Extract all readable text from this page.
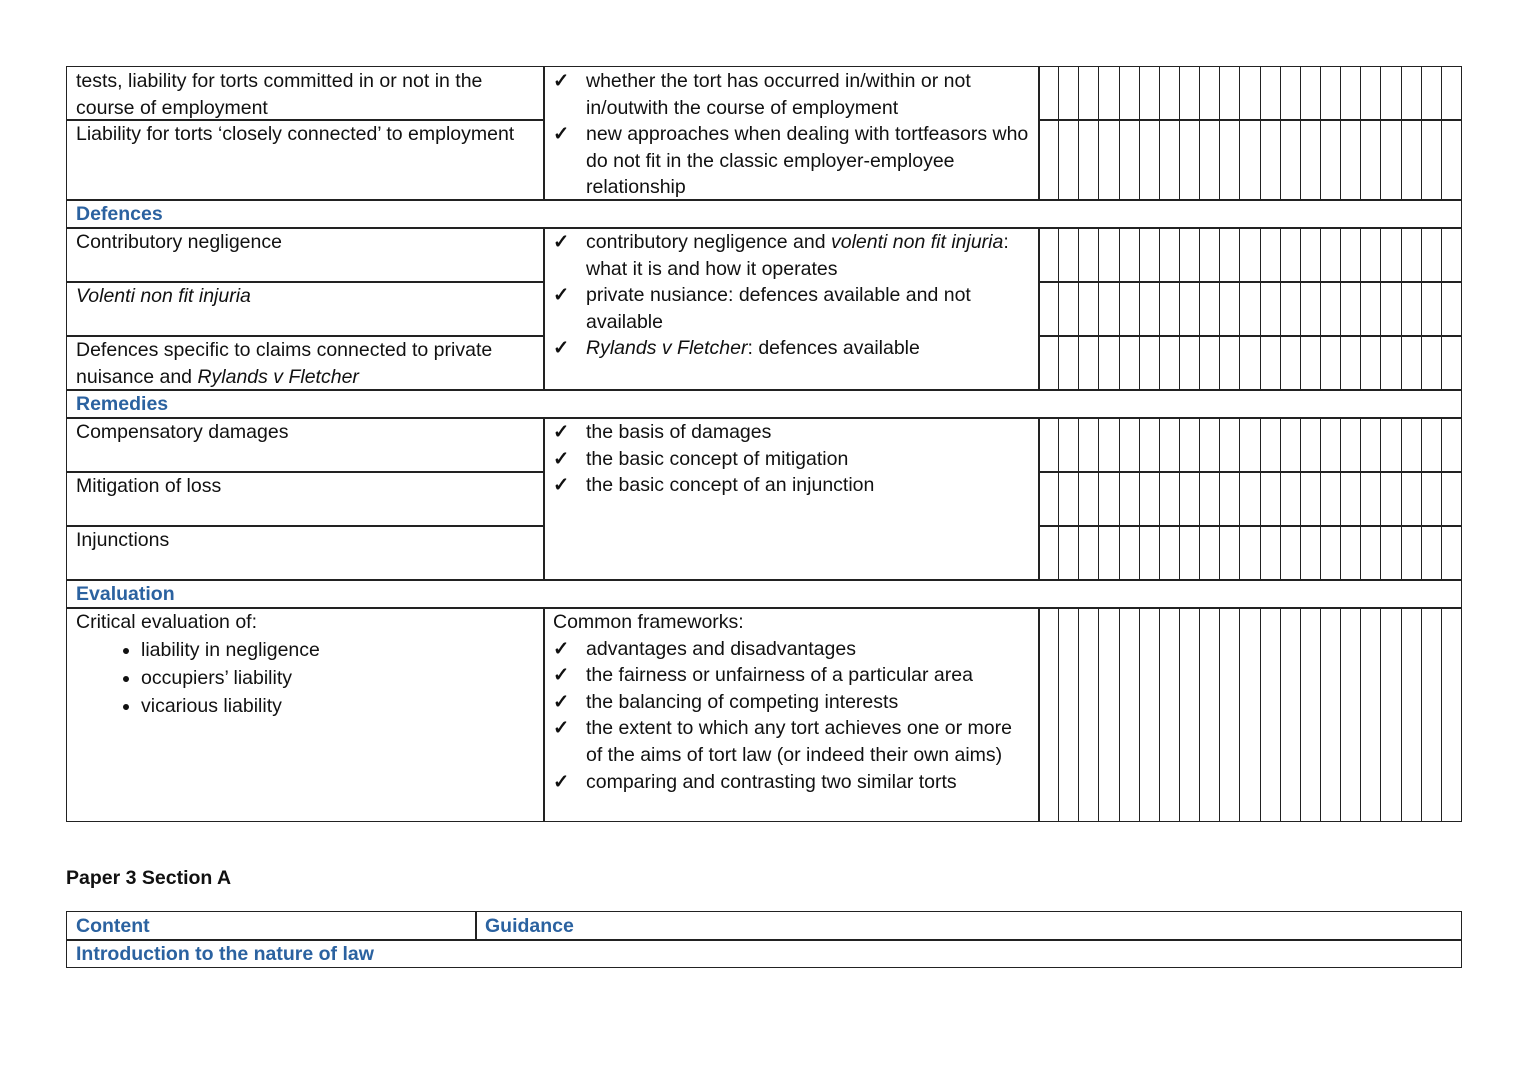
tests, liability for torts committed in or not in the course of employment
Liability for torts ‘closely connected’ to employment
✓ whether the tort has occurred in/within or not in/outwith the course of employment
✓ new approaches when dealing with tortfeasors who do not fit in the classic employer-employee relationship
Defences
Contributory negligence
Volenti non fit injuria
Defences specific to claims connected to private nuisance and Rylands v Fletcher
✓ contributory negligence and volenti non fit injuria: what it is and how it operates
✓ private nusiance: defences available and not available
✓ Rylands v Fletcher: defences available
Remedies
Compensatory damages
Mitigation of loss
Injunctions
✓ the basis of damages
✓ the basic concept of mitigation
✓ the basic concept of an injunction
Evaluation
Critical evaluation of:
• liability in negligence
• occupiers’ liability
• vicarious liability
Common frameworks:
✓ advantages and disadvantages
✓ the fairness or unfairness of a particular area
✓ the balancing of competing interests
✓ the extent to which any tort achieves one or more of the aims of tort law (or indeed their own aims)
✓ comparing and contrasting two similar torts
Paper 3 Section A
Content	Guidance
Introduction to the nature of law
